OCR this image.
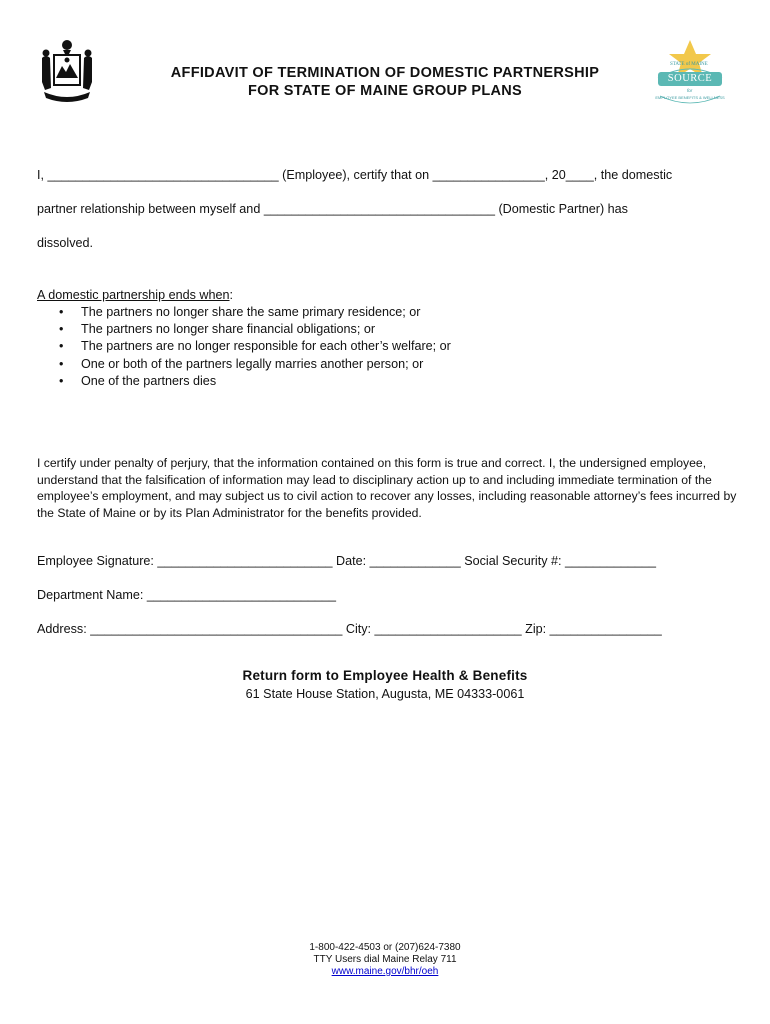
MAINE
AFFIDAVIT OF TERMINATION OF DOMESTIC PARTNERSHIP
FOR STATE OF MAINE GROUP PLANS
STATE of MAINE
SOURCE
for
EMPLOYEE BENEFITS & WELLNESS
I, _________________________________ (Employee), certify that on ________________, 20____, the domestic
partner relationship between myself and _________________________________ (Domestic Partner) has
dissolved.
A domestic partnership ends when:
• The partners no longer share the same primary residence; or
• The partners no longer share financial obligations; or
• The partners are no longer responsible for each other’s welfare; or
• One or both of the partners legally marries another person; or
• One of the partners dies
I certify under penalty of perjury, that the information contained on this form is true and correct. I, the undersigned employee, understand that the falsification of information may lead to disciplinary action up to and including immediate termination of the employee’s employment, and may subject us to civil action to recover any losses, including reasonable attorney’s fees incurred by the State of Maine or by its Plan Administrator for the benefits provided.
Employee Signature: _________________________ Date: _____________ Social Security #: _____________
Department Name: ___________________________
Address: ____________________________________ City: _____________________ Zip: ________________
Return form to Employee Health & Benefits
61 State House Station, Augusta, ME 04333-0061
1-800-422-4503 or (207)624-7380
TTY Users dial Maine Relay 711
www.maine.gov/bhr/oeh
